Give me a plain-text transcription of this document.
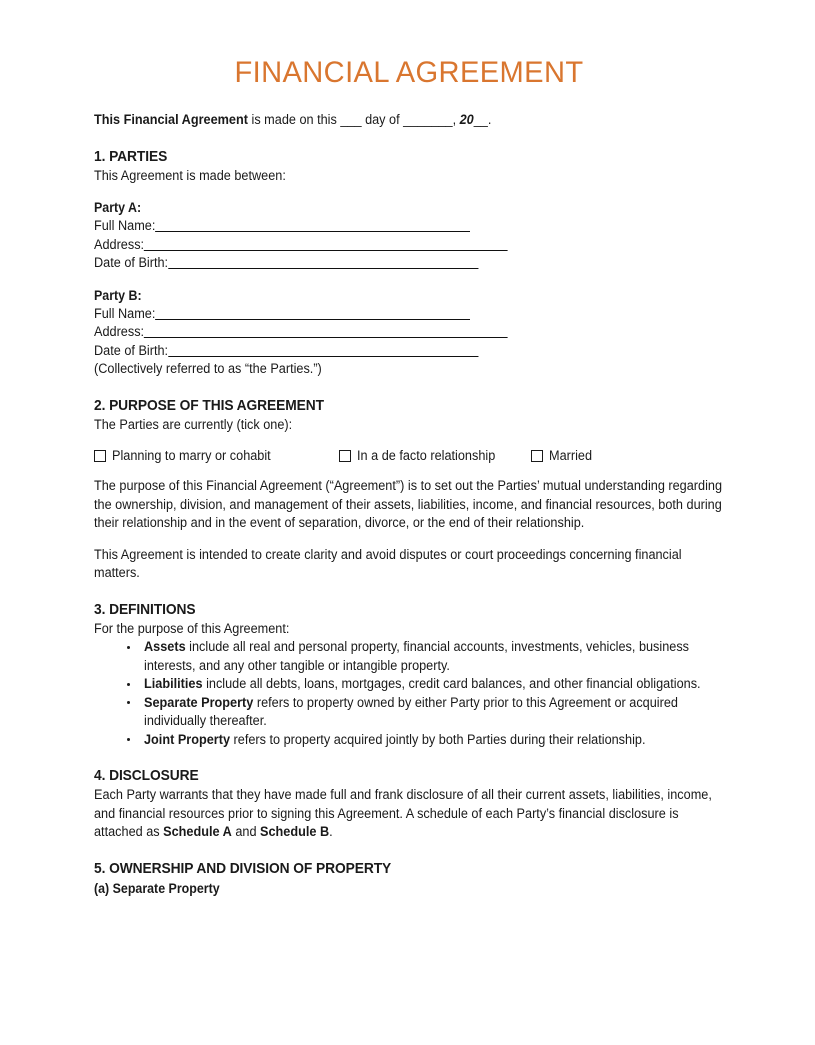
FINANCIAL AGREEMENT

This Financial Agreement is made on this ___ day of _______, 20__.

1. PARTIES

This Agreement is made between:

Party A:

Full Name:
Address:
Date of Birth:

Party B:

Full Name:
Address:
Date of Birth:

(Collectively referred to as “the Parties.”)

2. PURPOSE OF THIS AGREEMENT

The Parties are currently (tick one):

Planning to marry or cohabit	In a de facto relationship	Married

The purpose of this Financial Agreement (“Agreement”) is to set out the Parties’ mutual understanding regarding the ownership, division, and management of their assets, liabilities, income, and financial resources, both during their relationship and in the event of separation, divorce, or the end of their relationship.

This Agreement is intended to create clarity and avoid disputes or court proceedings concerning financial matters.

3. DEFINITIONS

For the purpose of this Agreement:

Assets include all real and personal property, financial accounts, investments, vehicles, business interests, and any other tangible or intangible property.
Liabilities include all debts, loans, mortgages, credit card balances, and other financial obligations.
Separate Property refers to property owned by either Party prior to this Agreement or acquired individually thereafter.
Joint Property refers to property acquired jointly by both Parties during their relationship.
4. DISCLOSURE

Each Party warrants that they have made full and frank disclosure of all their current assets, liabilities, income, and financial resources prior to signing this Agreement. A schedule of each Party’s financial disclosure is attached as Schedule A and Schedule B.

5. OWNERSHIP AND DIVISION OF PROPERTY

(a) Separate Property
